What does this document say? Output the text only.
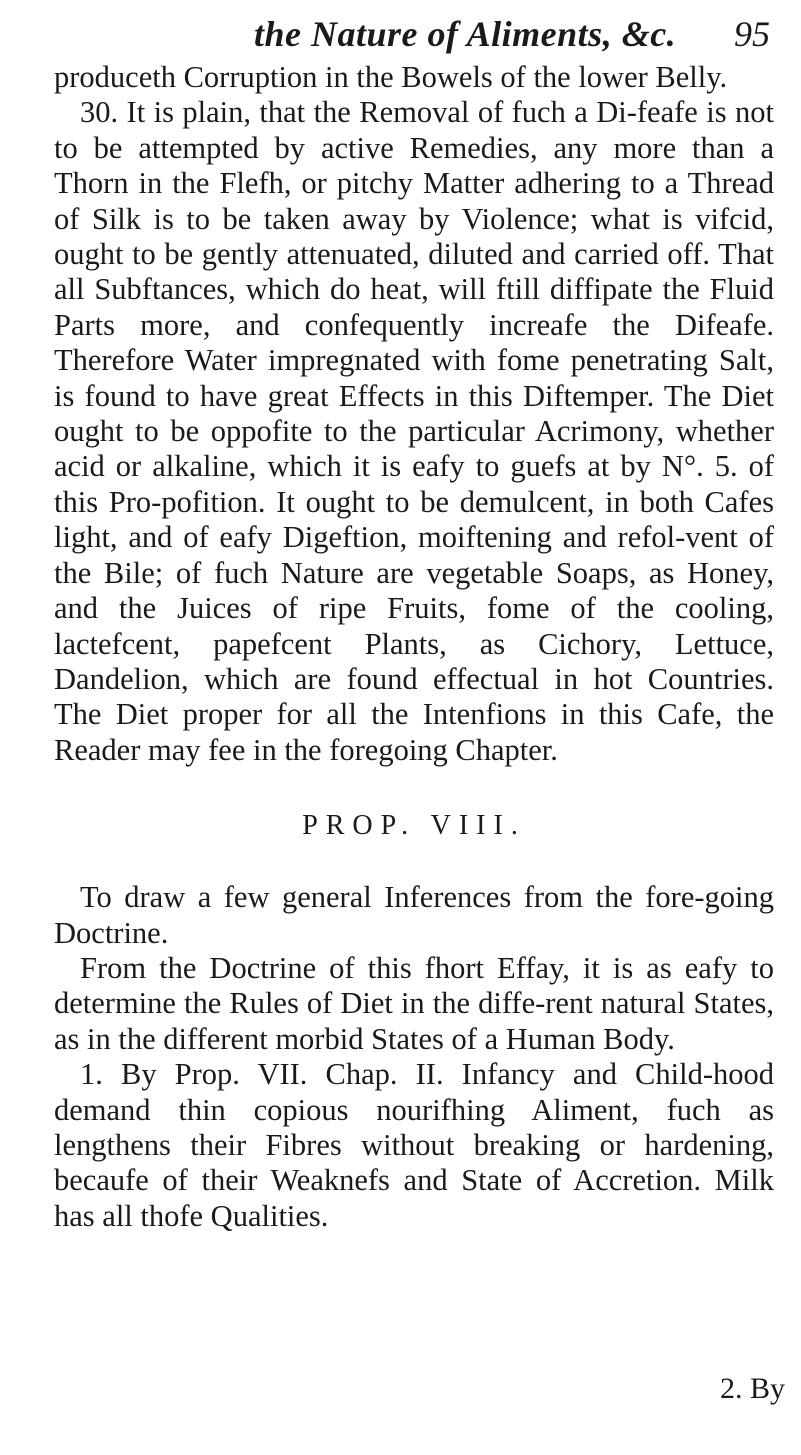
the Nature of Aliments, &c. 95

produceth Corruption in the Bowels of the lower Belly.

30. It is plain, that the Removal of fuch a Di-feafe is not to be attempted by active Remedies, any more than a Thorn in the Flefh, or pitchy Matter adhering to a Thread of Silk is to be taken away by Violence; what is vifcid, ought to be gently attenuated, diluted and carried off. That all Subftances, which do heat, will ftill diffipate the Fluid Parts more, and confequently increafe the Difeafe. Therefore Water impregnated with fome penetrating Salt, is found to have great Effects in this Diftemper. The Diet ought to be oppofite to the particular Acrimony, whether acid or alkaline, which it is eafy to guefs at by N°. 5. of this Pro-pofition. It ought to be demulcent, in both Cafes light, and of eafy Digeftion, moiftening and refol-vent of the Bile; of fuch Nature are vegetable Soaps, as Honey, and the Juices of ripe Fruits, fome of the cooling, lactefcent, papefcent Plants, as Cichory, Lettuce, Dandelion, which are found effectual in hot Countries. The Diet proper for all the Intenfions in this Cafe, the Reader may fee in the foregoing Chapter.

PROP. VIII.

To draw a few general Inferences from the fore-going Doctrine.

From the Doctrine of this fhort Effay, it is as eafy to determine the Rules of Diet in the diffe-rent natural States, as in the different morbid States of a Human Body.

1. By Prop. VII. Chap. II. Infancy and Child-hood demand thin copious nourifhing Aliment, fuch as lengthens their Fibres without breaking or hardening, becaufe of their Weaknefs and State of Accretion. Milk has all thofe Qualities.

2. By
